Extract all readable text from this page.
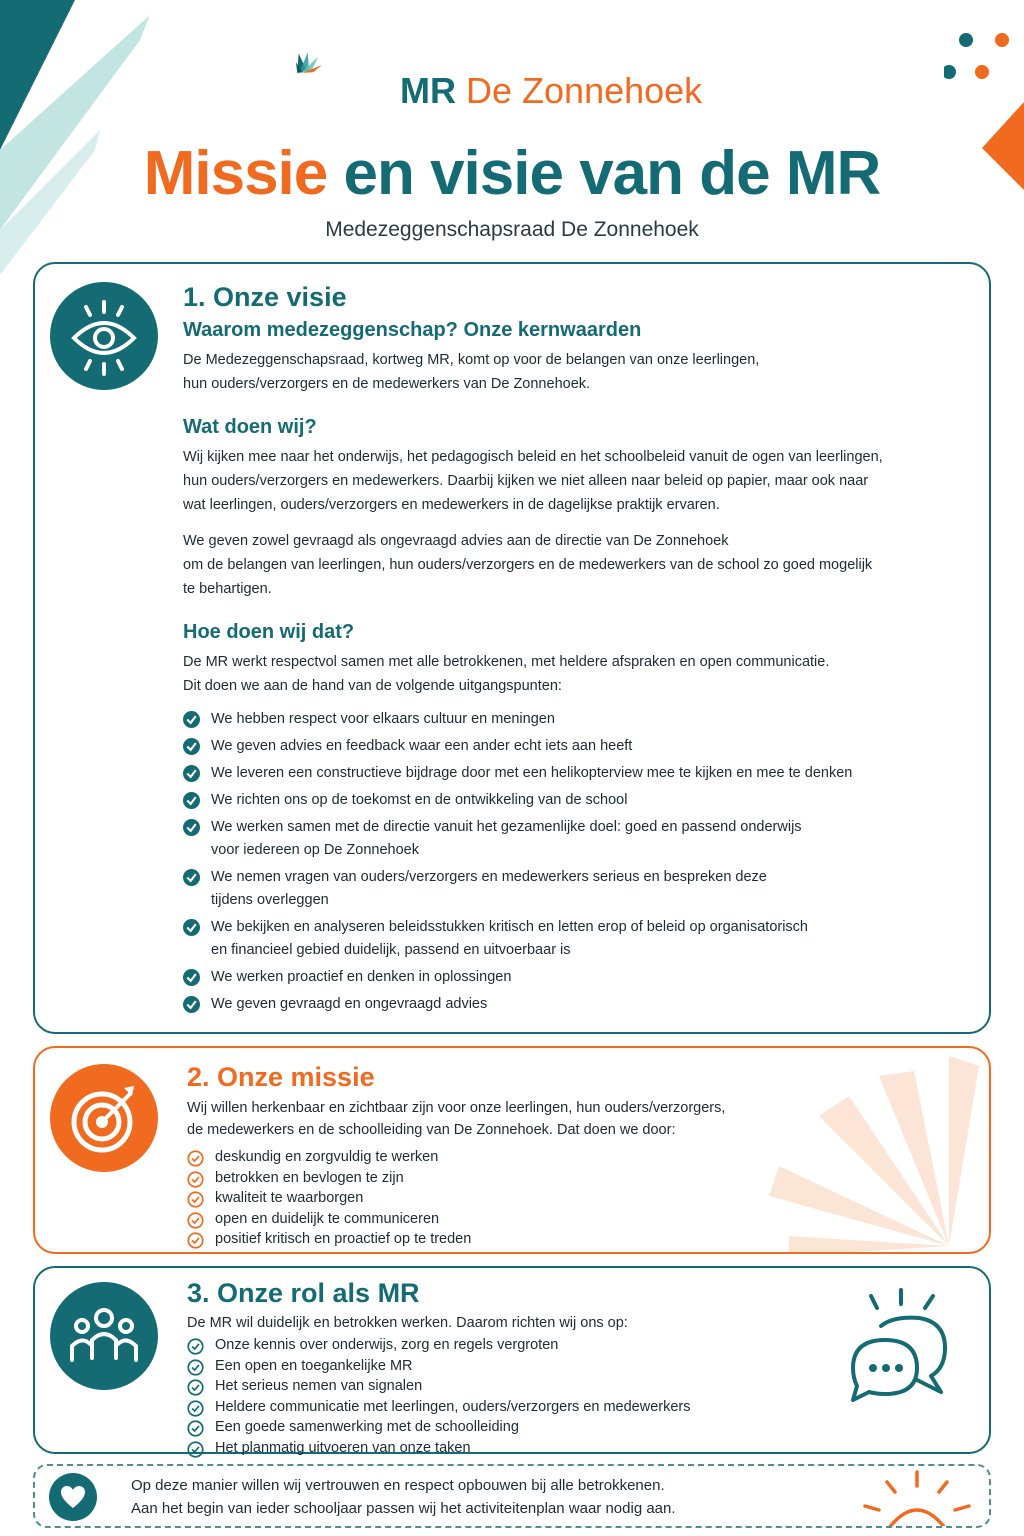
MR De Zonnehoek
Missie en visie van de MR
Medezeggenschapsraad De Zonnehoek
1. Onze visie
Waarom medezeggenschap? Onze kernwaarden

De Medezeggenschapsraad, kortweg MR, komt op voor de belangen van onze leerlingen,
hun ouders/verzorgers en de medewerkers van De Zonnehoek.

Wat doen wij?

Wij kijken mee naar het onderwijs, het pedagogisch beleid en het schoolbeleid vanuit de ogen van leerlingen,
hun ouders/verzorgers en medewerkers. Daarbij kijken we niet alleen naar beleid op papier, maar ook naar
wat leerlingen, ouders/verzorgers en medewerkers in de dagelijkse praktijk ervaren.

We geven zowel gevraagd als ongevraagd advies aan de directie van De Zonnehoek
om de belangen van leerlingen, hun ouders/verzorgers en de medewerkers van de school zo goed mogelijk
te behartigen.

Hoe doen wij dat?

De MR werkt respectvol samen met alle betrokkenen, met heldere afspraken en open communicatie.
Dit doen we aan de hand van de volgende uitgangspunten:

We hebben respect voor elkaars cultuur en meningen
We geven advies en feedback waar een ander echt iets aan heeft
We leveren een constructieve bijdrage door met een helikopterview mee te kijken en mee te denken
We richten ons op de toekomst en de ontwikkeling van de school
We werken samen met de directie vanuit het gezamenlijke doel: goed en passend onderwijs
voor iedereen op De Zonnehoek
We nemen vragen van ouders/verzorgers en medewerkers serieus en bespreken deze
tijdens overleggen
We bekijken en analyseren beleidsstukken kritisch en letten erop of beleid op organisatorisch
en financieel gebied duidelijk, passend en uitvoerbaar is
We werken proactief en denken in oplossingen
We geven gevraagd en ongevraagd advies
2. Onze missie

Wij willen herkenbaar en zichtbaar zijn voor onze leerlingen, hun ouders/verzorgers,
de medewerkers en de schoolleiding van De Zonnehoek. Dat doen we door:

deskundig en zorgvuldig te werken
betrokken en bevlogen te zijn
kwaliteit te waarborgen
open en duidelijk te communiceren
positief kritisch en proactief op te treden
3. Onze rol als MR

De MR wil duidelijk en betrokken werken. Daarom richten wij ons op:

Onze kennis over onderwijs, zorg en regels vergroten
Een open en toegankelijke MR
Het serieus nemen van signalen
Heldere communicatie met leerlingen, ouders/verzorgers en medewerkers
Een goede samenwerking met de schoolleiding
Het planmatig uitvoeren van onze taken
Op deze manier willen wij vertrouwen en respect opbouwen bij alle betrokkenen.
Aan het begin van ieder schooljaar passen wij het activiteitenplan waar nodig aan.
